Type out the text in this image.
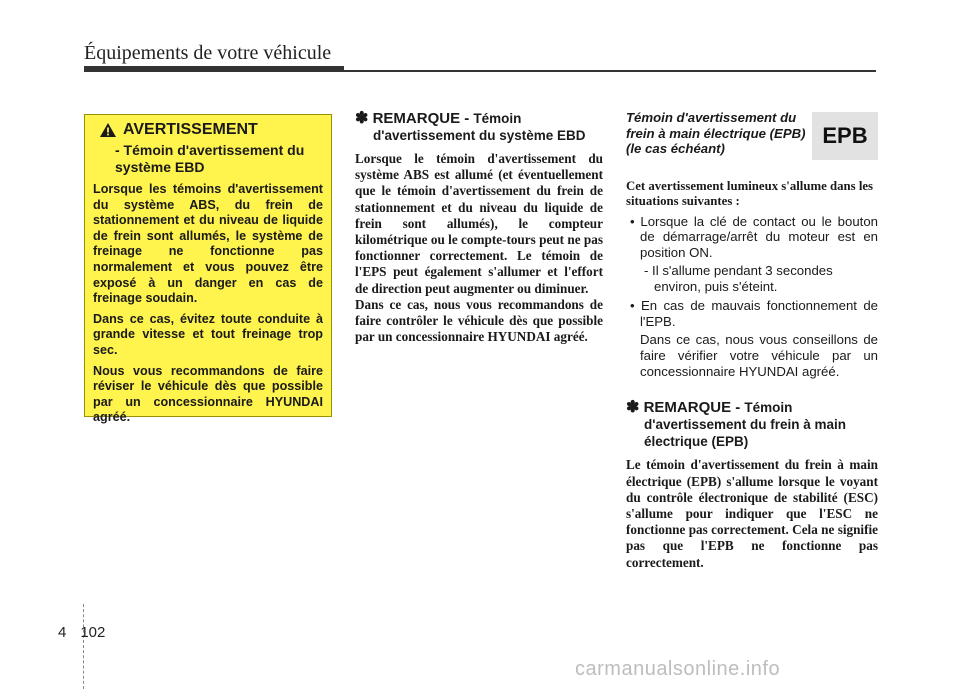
Équipements de votre véhicule
AVERTISSEMENT
- Témoin d'avertissement du système EBD

Lorsque les témoins d'avertissement du système ABS, du frein de stationnement et du niveau de liquide de frein sont allumés, le système de freinage ne fonctionne pas normalement et vous pouvez être exposé à un danger en cas de freinage soudain.

Dans ce cas, évitez toute conduite à grande vitesse et tout freinage trop sec.

Nous vous recommandons de faire réviser le véhicule dès que possible par un concessionnaire HYUNDAI agréé.

✽ REMARQUE - Témoin
d'avertissement du système EBD

Lorsque le témoin d'avertissement du système ABS est allumé (et éventuellement que le témoin d'avertissement du frein de stationnement et du niveau du liquide de frein sont allumés), le compteur kilométrique ou le compte-tours peut ne pas fonctionner correctement. Le témoin de l'EPS peut également s'allumer et l'effort de direction peut augmenter ou diminuer.

Dans ce cas, nous vous recommandons de faire contrôler le véhicule dès que possible par un concessionnaire HYUNDAI agréé.

EPB
Témoin d'avertissement du frein à main électrique (EPB) (le cas échéant)

Cet avertissement lumineux s'allume dans les situations suivantes :

• Lorsque la clé de contact ou le bouton de démarrage/arrêt du moteur est en position ON.

- Il s'allume pendant 3 secondes environ, puis s'éteint.

• En cas de mauvais fonctionnement de l'EPB.

Dans ce cas, nous vous conseillons de faire vérifier votre véhicule par un concessionnaire HYUNDAI agréé.

✽ REMARQUE - Témoin
d'avertissement du frein à main électrique (EPB)

Le témoin d'avertissement du frein à main électrique (EPB) s'allume lorsque le voyant du contrôle électronique de stabilité (ESC) s'allume pour indiquer que l'ESC ne fonctionne pas correctement. Cela ne signifie pas que l'EPB ne fonctionne pas correctement.

4 102
carmanualsonline.info
